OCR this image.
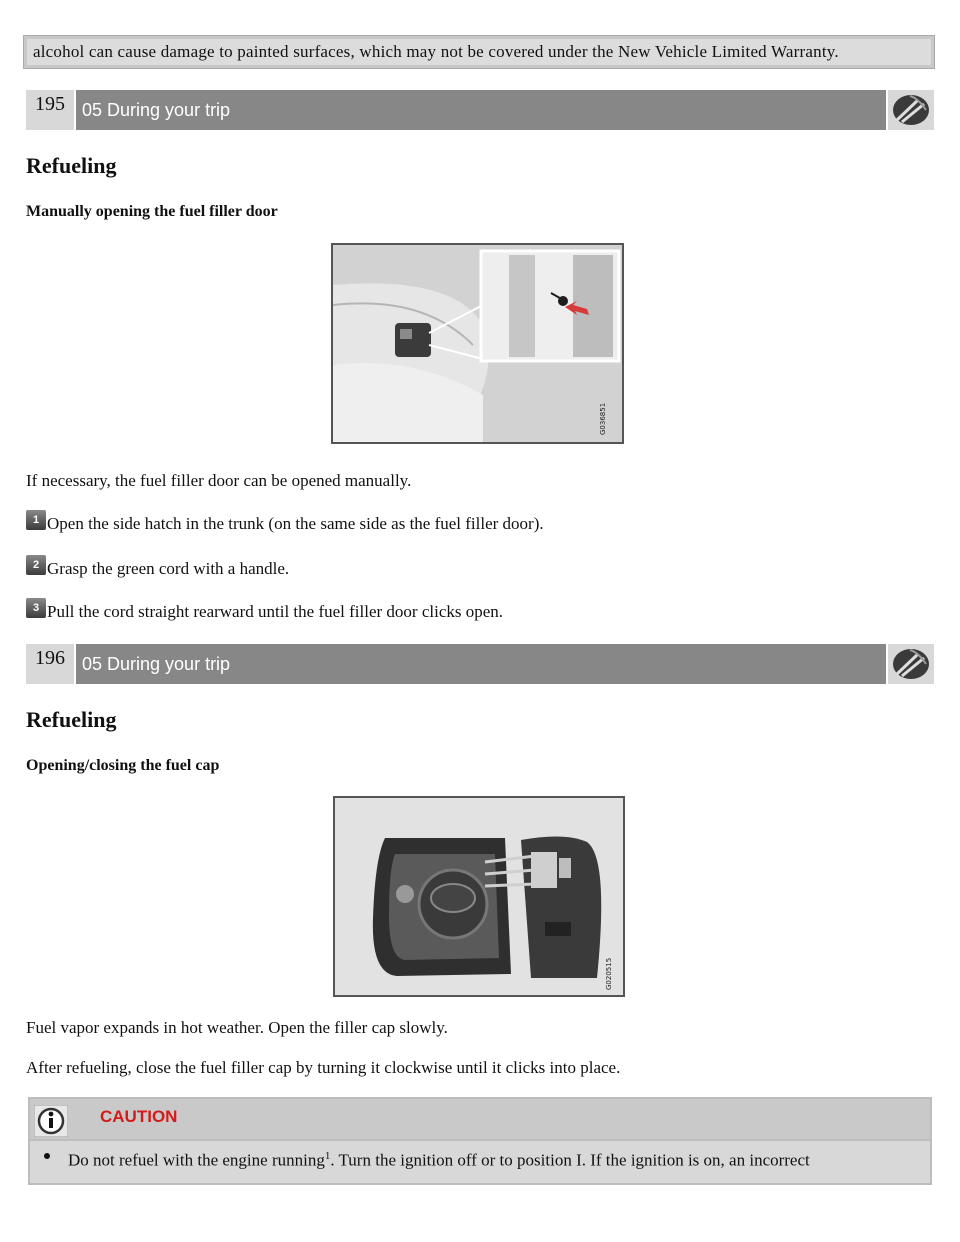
alcohol can cause damage to painted surfaces, which may not be covered under the New Vehicle Limited Warranty.
195 05 During your trip
Refueling
Manually opening the fuel filler door
G036851
If necessary, the fuel filler door can be opened manually.
1 Open the side hatch in the trunk (on the same side as the fuel filler door).
2 Grasp the green cord with a handle.
3 Pull the cord straight rearward until the fuel filler door clicks open.
196 05 During your trip
Refueling
Opening/closing the fuel cap
G020515
Fuel vapor expands in hot weather. Open the filler cap slowly.
After refueling, close the fuel filler cap by turning it clockwise until it clicks into place.
CAUTION
Do not refuel with the engine running$^1$. Turn the ignition off or to position I. If the ignition is on, an incorrect
